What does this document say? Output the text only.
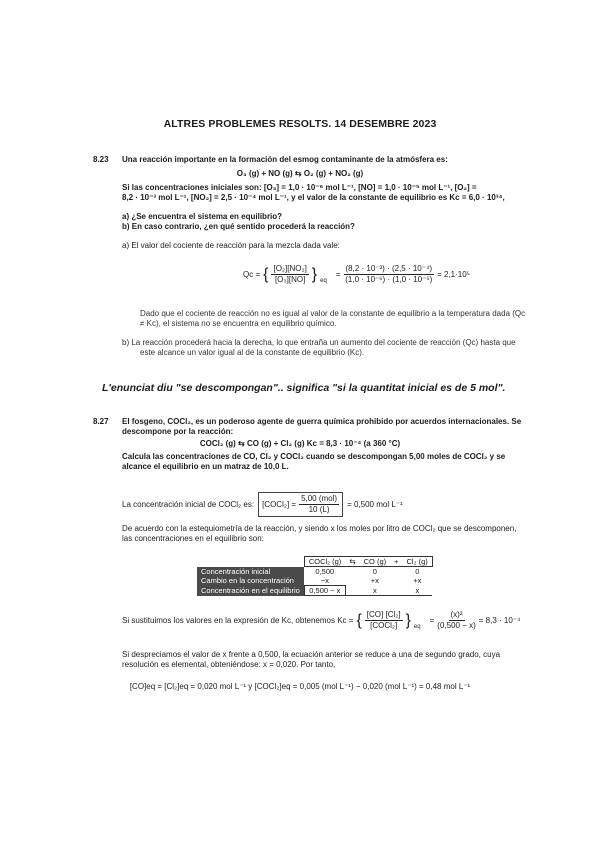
ALTRES PROBLEMES RESOLTS. 14 DESEMBRE 2023
8.23 Una reacción importante en la formación del esmog contaminante de la atmósfera es:
O₃ (g) + NO (g) ⇆ O₂ (g) + NO₂ (g)
Si las concentraciones iniciales son: [O₃] = 1,0 · 10⁻⁶ mol L⁻¹, [NO] = 1,0 · 10⁻⁵ mol L⁻¹, [O₂] =
8,2 · 10⁻³ mol L⁻¹, [NO₂] = 2,5 · 10⁻⁴ mol L⁻¹, y el valor de la constante de equilibrio es Kc = 6,0 · 10³⁴,
a) ¿Se encuentra el sistema en equilibrio?
b) En caso contrario, ¿en qué sentido procederá la reacción?
a) El valor del cociente de reacción para la mezcla dada vale:
Qc = { $\frac{\text{[O₂][NO₂]}}{\text{[O₃][NO]}}$ } eq
= $\frac{\text{(8,2 · 10⁻³) · (2,5 · 10⁻⁴)}}{\text{(1,0 · 10⁻⁶) · (1,0 · 10⁻⁵)}} = 2,1\cdot 10^5$
Dado que el cociente de reacción no es igual al valor de la constante de equilibrio a la temperatura dada (Qc
≠ Kc), el sistema no se encuentra en equilibrio químico.
b) La reacción procederá hacia la derecha, lo que entraña un aumento del cociente de reacción (Qc) hasta que
este alcance un valor igual al de la constante de equilibrio (Kc).
L'enunciat diu "se descompongan".. significa "si la quantitat inicial es de 5 mol".
8.27 El fosgeno, COCl₂, es un poderoso agente de guerra química prohibido por acuerdos internacionales. Se
descompone por la reacción:
COCl₂ (g) ⇆ CO (g) + Cl₂ (g) Kc = 8,3 · 10⁻⁴ (a 360 °C)
Calcula las concentraciones de CO, Cl₂ y COCl₂ cuando se descompongan 5,00 moles de COCl₂ y se
alcance el equilibrio en un matraz de 10,0 L.
La concentración inicial de COCl₂ es: [COCl₂] = $\frac{\text{5,00 (mol)}}{10 (L)} = 0,500$ mol L⁻¹
De acuerdo con la estequiometría de la reacción, y siendo x los moles por litro de COCl₂ que se descomponen,
las concentraciones en el equilibrio son:
	COCl₂ (g)	⇆	CO (g)	+	Cl₂ (g)
Concentración inicial	0,500		0		0
Cambio en la concentración	−x		+x		+x
Concentración en el equilibrio	0,500 − x		x		x
Si sustituimos los valores en la expresión de Kc, obtenemos Kc = { $\frac{\text{[CO] [Cl₂]}}{\text{[COCl₂]}}$ } eq
= $\frac{\text{(x)²}}{(0,500 - x)} = 8,3 \cdot 10^{-4}$
Si despreciamos el valor de x frente a 0,500, la ecuación anterior se reduce a una de segundo grado, cuya
resolución es elemental, obteniéndose: x = 0,020. Por tanto,
[CO]eq = [Cl₂]eq = 0,020 mol L⁻¹ y [COCl₂]eq = 0,005 (mol L⁻¹) − 0,020 (mol L⁻¹) = 0,48 mol L⁻¹
